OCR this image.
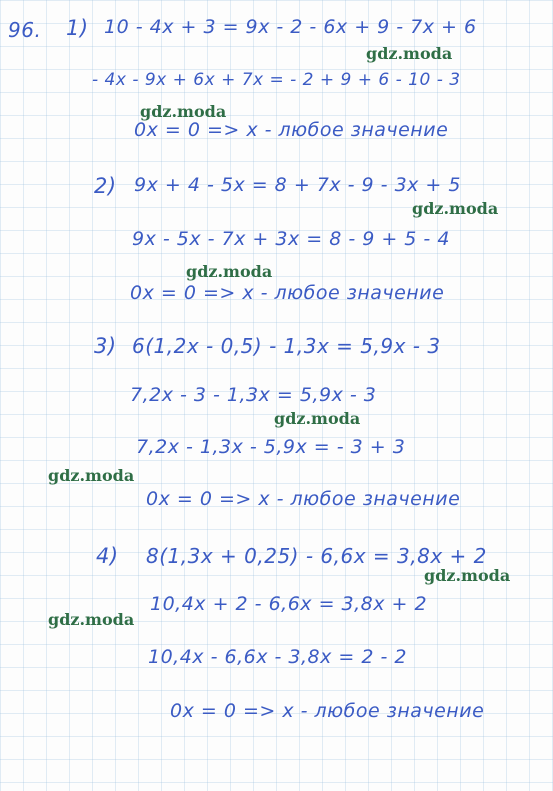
96. 1) 10 - 4x + 3 = 9x - 2 - 6x + 9 - 7x + 6
- 4x - 9x + 6x + 7x = - 2 + 9 + 6 - 10 - 3
0x = 0 => x - любое значение
2) 9x + 4 - 5x = 8 + 7x - 9 - 3x + 5
9x - 5x - 7x + 3x = 8 - 9 + 5 - 4
0x = 0 => x - любое значение
3) 6(1,2x - 0,5) - 1,3x = 5,9x - 3
7,2x - 3 - 1,3x = 5,9x - 3
7,2x - 1,3x - 5,9x = - 3 + 3
0x = 0 => x - любое значение
4) 8(1,3x + 0,25) - 6,6x = 3,8x + 2
10,4x + 2 - 6,6x = 3,8x + 2
10,4x - 6,6x - 3,8x = 2 - 2
0x = 0 => x - любое значение
gdz.moda
gdz.moda
gdz.moda
gdz.moda
gdz.moda
gdz.moda
gdz.moda
gdz.moda
